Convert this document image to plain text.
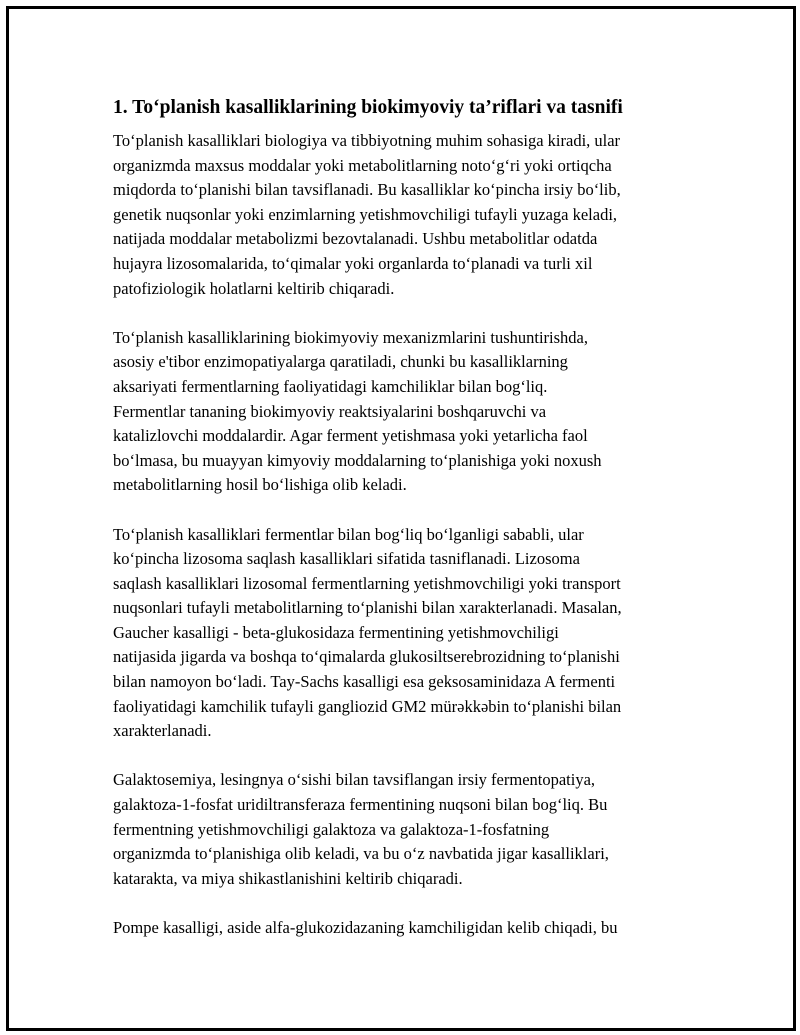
1. To‘planish kasalliklarining biokimyoviy ta’riflari va tasnifi

To‘planish kasalliklari biologiya va tibbiyotning muhim sohasiga kiradi, ular
organizmda maxsus moddalar yoki metabolitlarning noto‘g‘ri yoki ortiqcha
miqdorda to‘planishi bilan tavsiflanadi. Bu kasalliklar ko‘pincha irsiy bo‘lib,
genetik nuqsonlar yoki enzimlarning yetishmovchiligi tufayli yuzaga keladi,
natijada moddalar metabolizmi bezovtalanadi. Ushbu metabolitlar odatda
hujayra lizosomalarida, to‘qimalar yoki organlarda to‘planadi va turli xil
patofiziologik holatlarni keltirib chiqaradi.

To‘planish kasalliklarining biokimyoviy mexanizmlarini tushuntirishda,
asosiy e'tibor enzimopatiyalarga qaratiladi, chunki bu kasalliklarning
aksariyati fermentlarning faoliyatidagi kamchiliklar bilan bog‘liq.
Fermentlar tananing biokimyoviy reaktsiyalarini boshqaruvchi va
katalizlovchi moddalardir. Agar ferment yetishmasa yoki yetarlicha faol
bo‘lmasa, bu muayyan kimyoviy moddalarning to‘planishiga yoki noxush
metabolitlarning hosil bo‘lishiga olib keladi.

To‘planish kasalliklari fermentlar bilan bog‘liq bo‘lganligi sababli, ular
ko‘pincha lizosoma saqlash kasalliklari sifatida tasniflanadi. Lizosoma
saqlash kasalliklari lizosomal fermentlarning yetishmovchiligi yoki transport
nuqsonlari tufayli metabolitlarning to‘planishi bilan xarakterlanadi. Masalan,
Gaucher kasalligi - beta-glukosidaza fermentining yetishmovchiligi
natijasida jigarda va boshqa to‘qimalarda glukosiltserebrozidning to‘planishi
bilan namoyon bo‘ladi. Tay-Sachs kasalligi esa geksosaminidaza A fermenti
faoliyatidagi kamchilik tufayli gangliozid GM2 mürəkkəbin to‘planishi bilan
xarakterlanadi.

Galaktosemiya, lesingnya o‘sishi bilan tavsiflangan irsiy fermentopatiya,
galaktoza-1-fosfat uridiltransferaza fermentining nuqsoni bilan bog‘liq. Bu
fermentning yetishmovchiligi galaktoza va galaktoza-1-fosfatning
organizmda to‘planishiga olib keladi, va bu o‘z navbatida jigar kasalliklari,
katarakta, va miya shikastlanishini keltirib chiqaradi.

Pompe kasalligi, aside alfa-glukozidazaning kamchiligidan kelib chiqadi, bu
